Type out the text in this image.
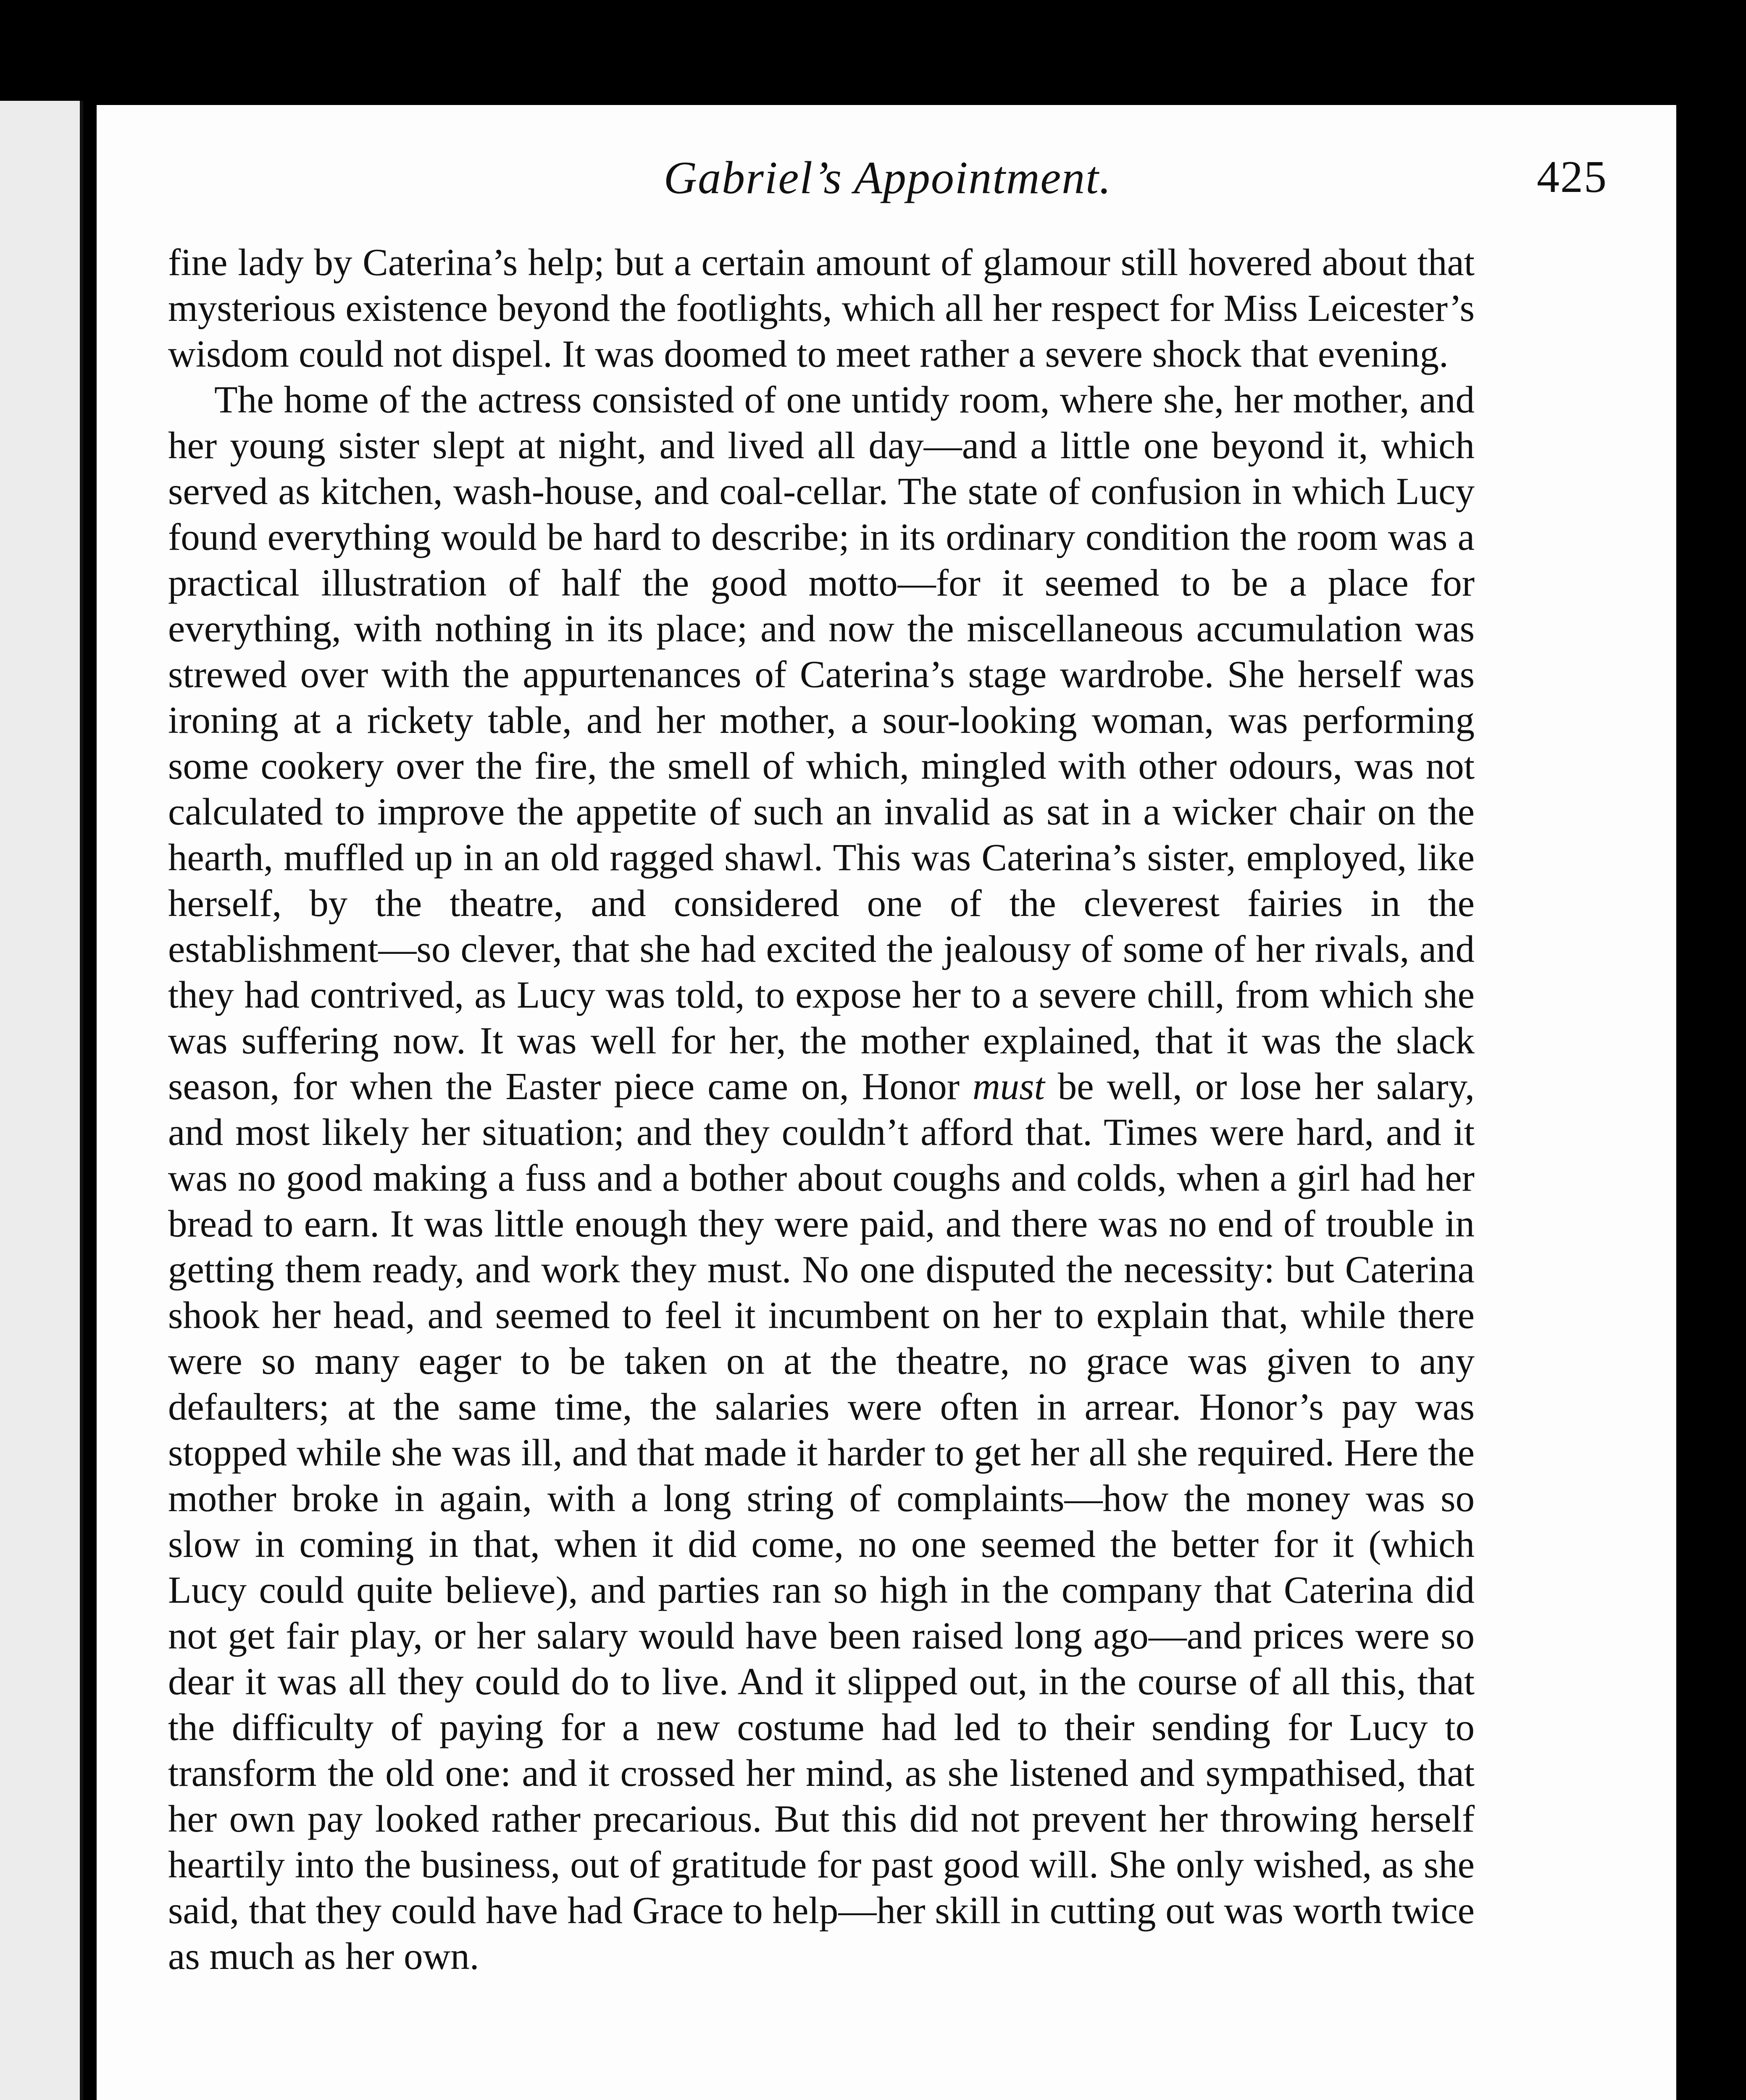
Gabriel’s Appointment.	425

fine lady by Caterina’s help; but a certain amount of glamour still hovered about that mysterious existence beyond the footlights, which all her respect for Miss Leicester’s wisdom could not dispel. It was doomed to meet rather a severe shock that evening.

The home of the actress consisted of one untidy room, where she, her mother, and her young sister slept at night, and lived all day—and a little one beyond it, which served as kitchen, wash-house, and coal-cellar. The state of confusion in which Lucy found everything would be hard to describe; in its ordinary condition the room was a practical illustration of half the good motto—for it seemed to be a place for everything, with nothing in its place; and now the miscellaneous accumulation was strewed over with the appurtenances of Caterina’s stage wardrobe. She herself was ironing at a rickety table, and her mother, a sour-looking woman, was performing some cookery over the fire, the smell of which, mingled with other odours, was not calculated to improve the appetite of such an invalid as sat in a wicker chair on the hearth, muffled up in an old ragged shawl. This was Caterina’s sister, employed, like herself, by the theatre, and considered one of the cleverest fairies in the establishment—so clever, that she had excited the jealousy of some of her rivals, and they had contrived, as Lucy was told, to expose her to a severe chill, from which she was suffering now. It was well for her, the mother explained, that it was the slack season, for when the Easter piece came on, Honor must be well, or lose her salary, and most likely her situation; and they couldn’t afford that. Times were hard, and it was no good making a fuss and a bother about coughs and colds, when a girl had her bread to earn. It was little enough they were paid, and there was no end of trouble in getting them ready, and work they must. No one disputed the necessity: but Caterina shook her head, and seemed to feel it incumbent on her to explain that, while there were so many eager to be taken on at the theatre, no grace was given to any defaulters; at the same time, the salaries were often in arrear. Honor’s pay was stopped while she was ill, and that made it harder to get her all she required. Here the mother broke in again, with a long string of complaints—how the money was so slow in coming in that, when it did come, no one seemed the better for it (which Lucy could quite believe), and parties ran so high in the company that Caterina did not get fair play, or her salary would have been raised long ago—and prices were so dear it was all they could do to live. And it slipped out, in the course of all this, that the difficulty of paying for a new costume had led to their sending for Lucy to transform the old one: and it crossed her mind, as she listened and sympathised, that her own pay looked rather precarious. But this did not prevent her throwing herself heartily into the business, out of gratitude for past good will. She only wished, as she said, that they could have had Grace to help—her skill in cutting out was worth twice as much as her own.
